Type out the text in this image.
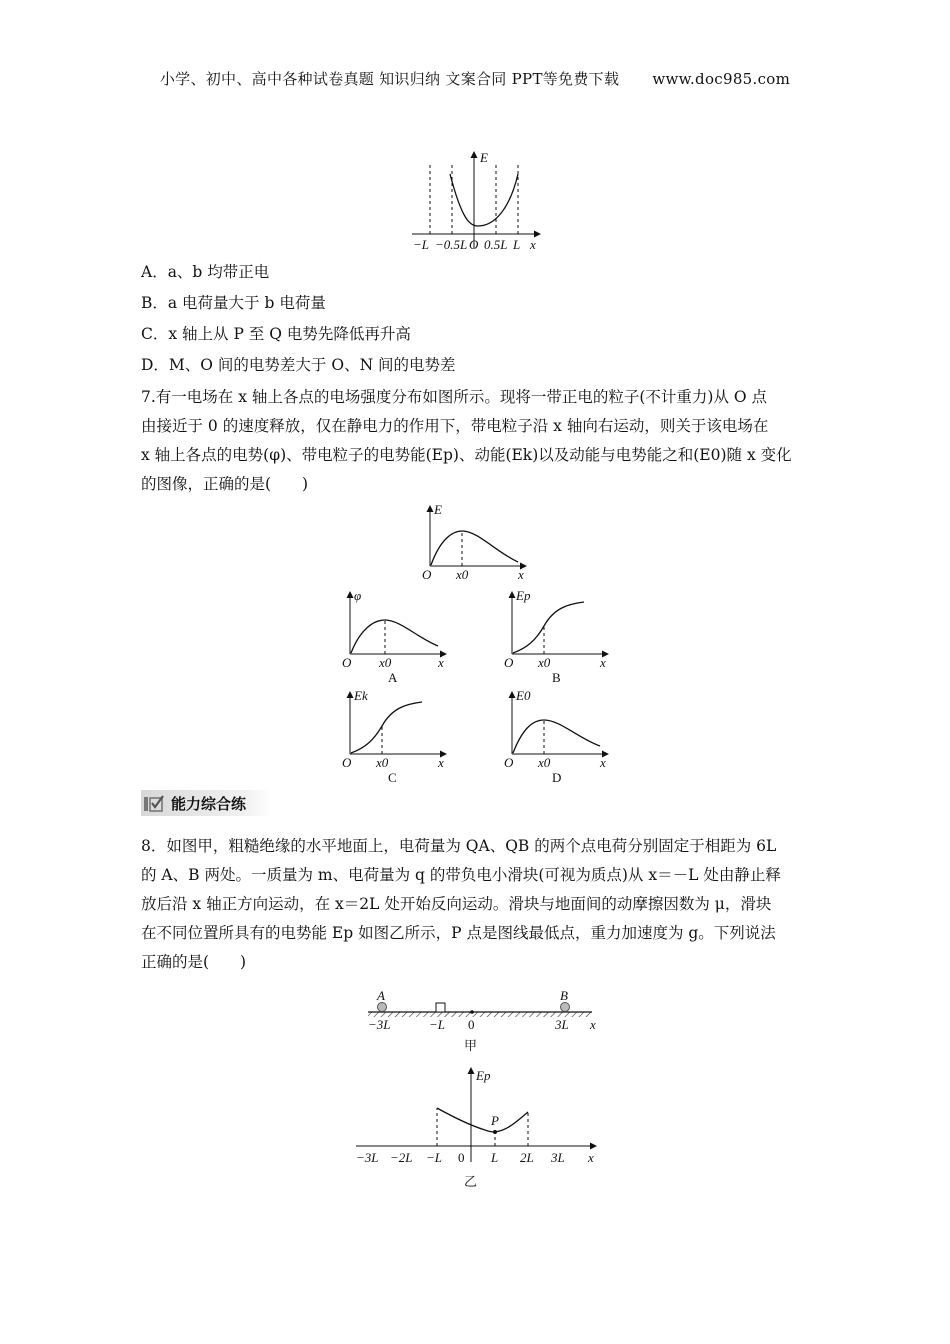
小学、初中、高中各种试卷真题 知识归纳 文案合同 PPT等免费下载 www.doc985.com
E
x
−L −0.5L O 0.5L L
A．a、b 均带正电
B．a 电荷量大于 b 电荷量
C．x 轴上从 P 至 Q 电势先降低再升高
D．M、O 间的电势差大于 O、N 间的电势差
7.有一电场在 x 轴上各点的电场强度分布如图所示。现将一带正电的粒子(不计重力)从 O 点
由接近于 0 的速度释放，仅在静电力的作用下，带电粒子沿 x 轴向右运动，则关于该电场在
x 轴上各点的电势(φ)、带电粒子的电势能(Ep)、动能(Ek)以及动能与电势能之和(E0)随 x 变化
的图像，正确的是(　　)
E
O x0	x
φ
O x0	x
A
Ep
O x0	x
B
Ek
O x0	x
C
E0
O x0	x
D
能力综合练
8．如图甲，粗糙绝缘的水平地面上，电荷量为 QA、QB 的两个点电荷分别固定于相距为 6L
的 A、B 两处。一质量为 m、电荷量为 q 的带负电小滑块(可视为质点)从 x＝－L 处由静止释
放后沿 x 轴正方向运动，在 x＝2L 处开始反向运动。滑块与地面间的动摩擦因数为 μ，滑块
在不同位置所具有的电势能 Ep 如图乙所示，P 点是图线最低点，重力加速度为 g。下列说法
正确的是(　　)
A	B
−3L	−L 0	3L x
甲
Ep
P
−3L −2L −L 0 L 2L 3L x
乙
